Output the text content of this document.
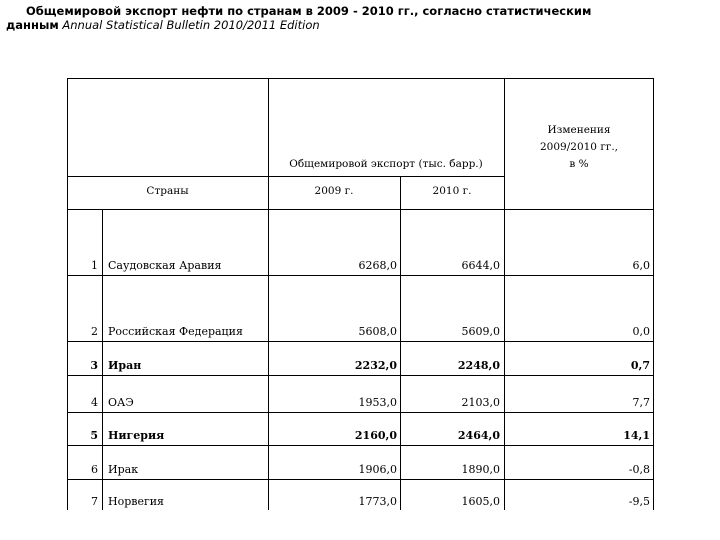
Общемировой экспорт нефти по странам в 2009 - 2010 гг., согласно статистическим
данным Annual Statistical Bulletin 2010/2011 Edition
Общемировой экспорт (тыс. барр.)
Изменения
2009/2010 гг.,
в %
Страны	2009 г.	2010 г.
1 Саудовская Аравия	6268,0	6644,0	6,0
2 Российская Федерация	5608,0	5609,0	0,0
3 Иран	2232,0	2248,0	0,7
4 ОАЭ	1953,0	2103,0	7,7
5 Нигерия	2160,0	2464,0	14,1
6 Ирак	1906,0	1890,0	-0,8
7 Норвегия	1773,0	1605,0	-9,5
